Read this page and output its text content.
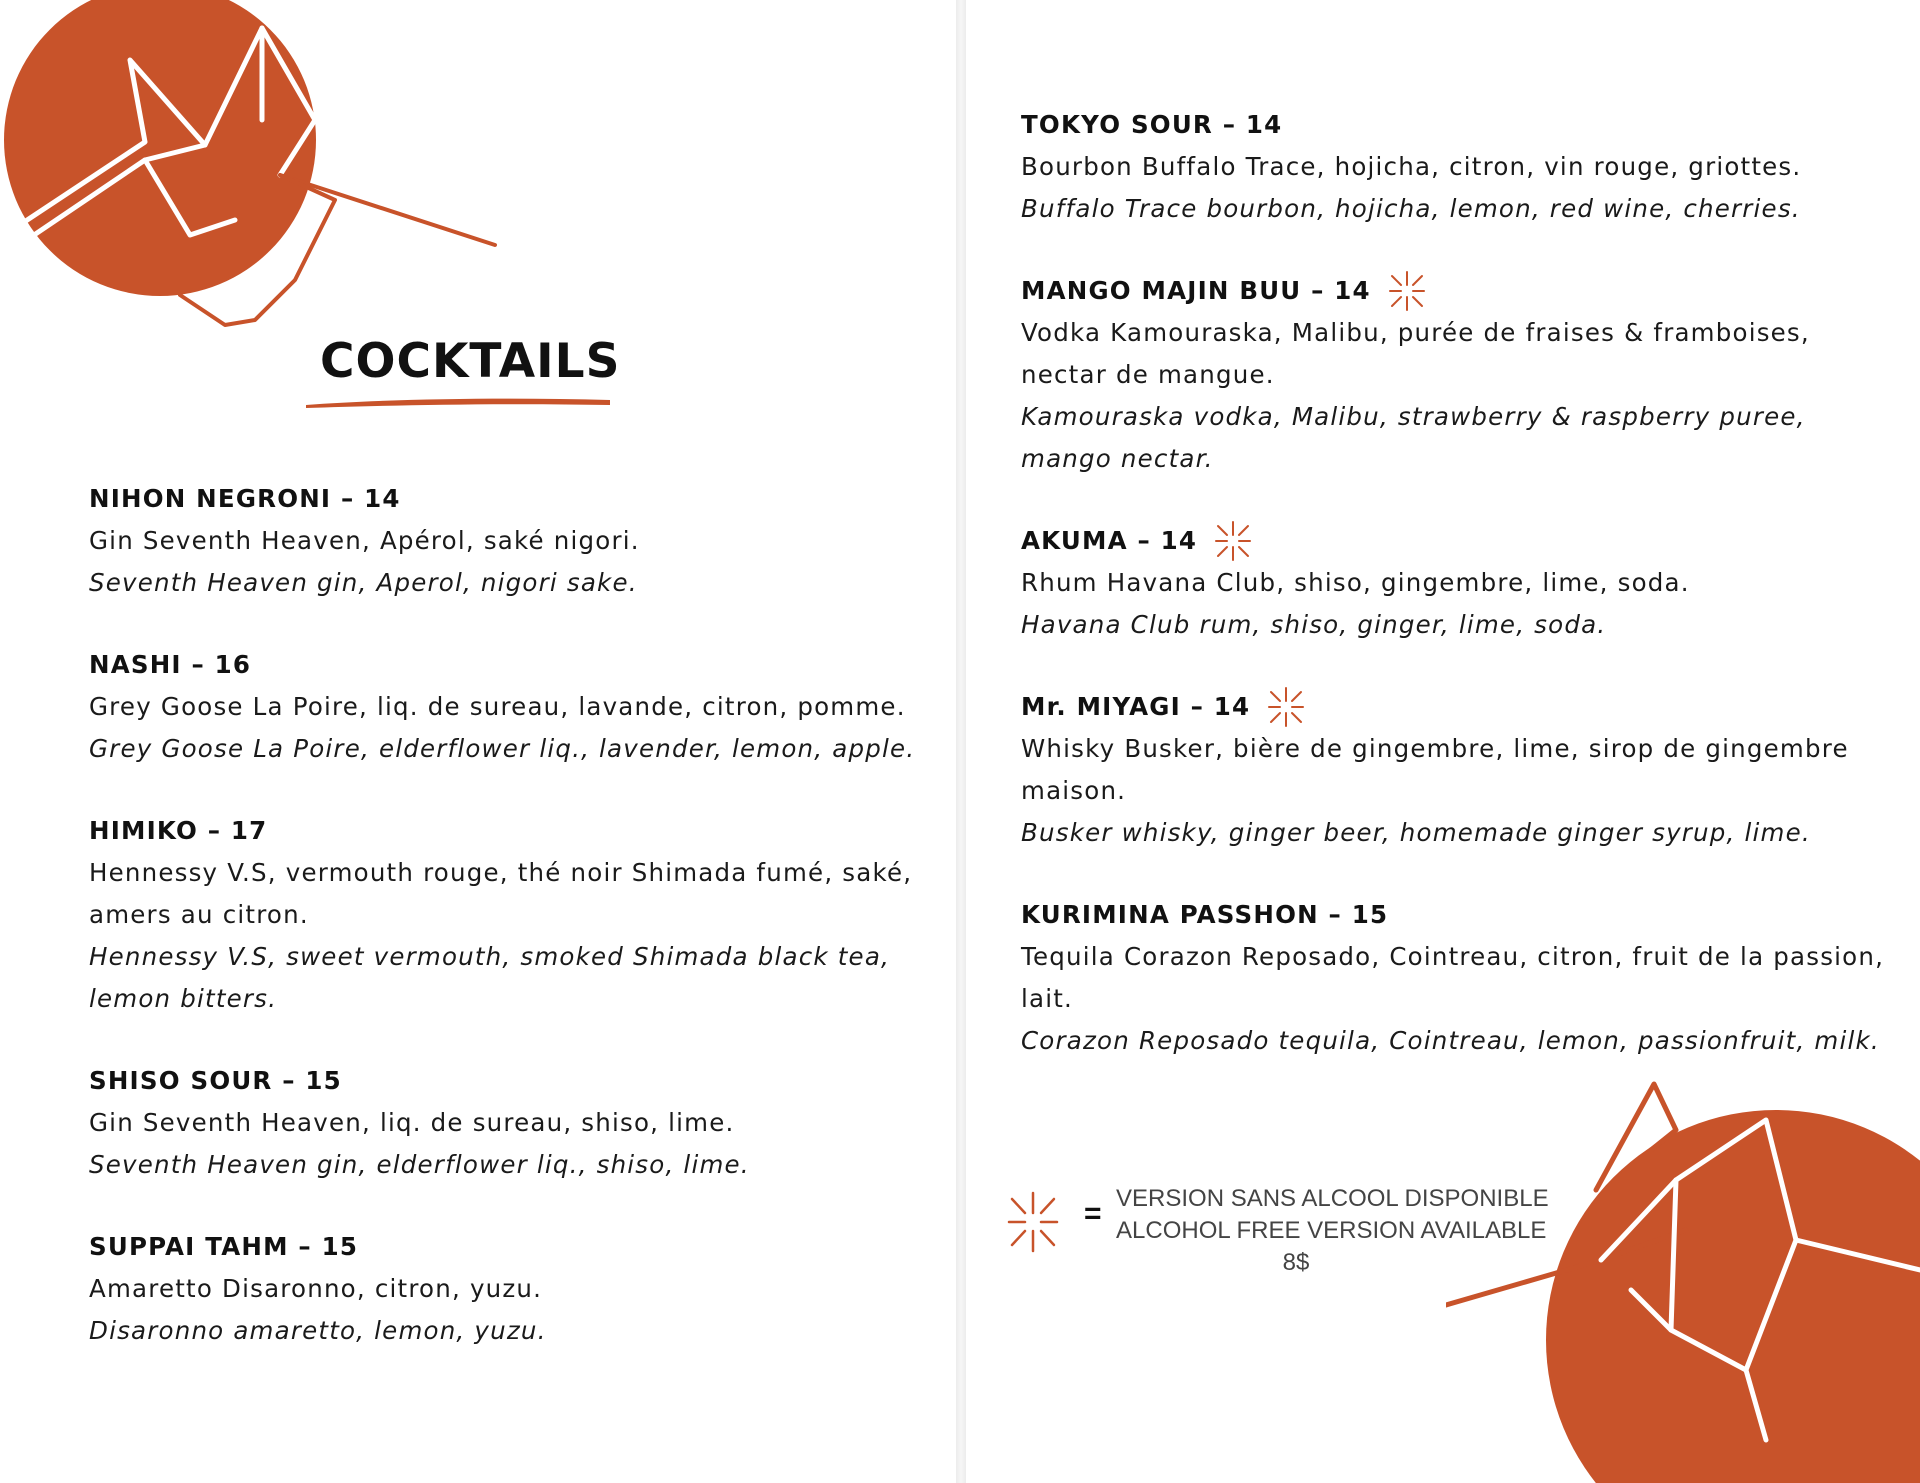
COCKTAILS
NIHON NEGRONI – 14
Gin Seventh Heaven, Apérol, saké nigori.
Seventh Heaven gin, Aperol, nigori sake.
NASHI – 16
Grey Goose La Poire, liq. de sureau, lavande, citron, pomme.
Grey Goose La Poire, elderflower liq., lavender, lemon, apple.
HIMIKO – 17
Hennessy V.S, vermouth rouge, thé noir Shimada fumé, saké, amers au citron.
Hennessy V.S, sweet vermouth, smoked Shimada black tea, lemon bitters.
SHISO SOUR – 15
Gin Seventh Heaven, liq. de sureau, shiso, lime.
Seventh Heaven gin, elderflower liq., shiso, lime.
SUPPAI TAHM – 15
Amaretto Disaronno, citron, yuzu.
Disaronno amaretto, lemon, yuzu.
TOKYO SOUR – 14
Bourbon Buffalo Trace, hojicha, citron, vin rouge, griottes.
Buffalo Trace bourbon, hojicha, lemon, red wine, cherries.
MANGO MAJIN BUU – 14
Vodka Kamouraska, Malibu, purée de fraises & framboises, nectar de mangue.
Kamouraska vodka, Malibu, strawberry & raspberry puree, mango nectar.
AKUMA – 14
Rhum Havana Club, shiso, gingembre, lime, soda.
Havana Club rum, shiso, ginger, lime, soda.
Mr. MIYAGI – 14
Whisky Busker, bière de gingembre, lime, sirop de gingembre maison.
Busker whisky, ginger beer, homemade ginger syrup, lime.
KURIMINA PASSHON – 15
Tequila Corazon Reposado, Cointreau, citron, fruit de la passion, lait.
Corazon Reposado tequila, Cointreau, lemon, passionfruit, milk.
= VERSION SANS ALCOOL DISPONIBLE
ALCOHOL FREE VERSION AVAILABLE
8$
